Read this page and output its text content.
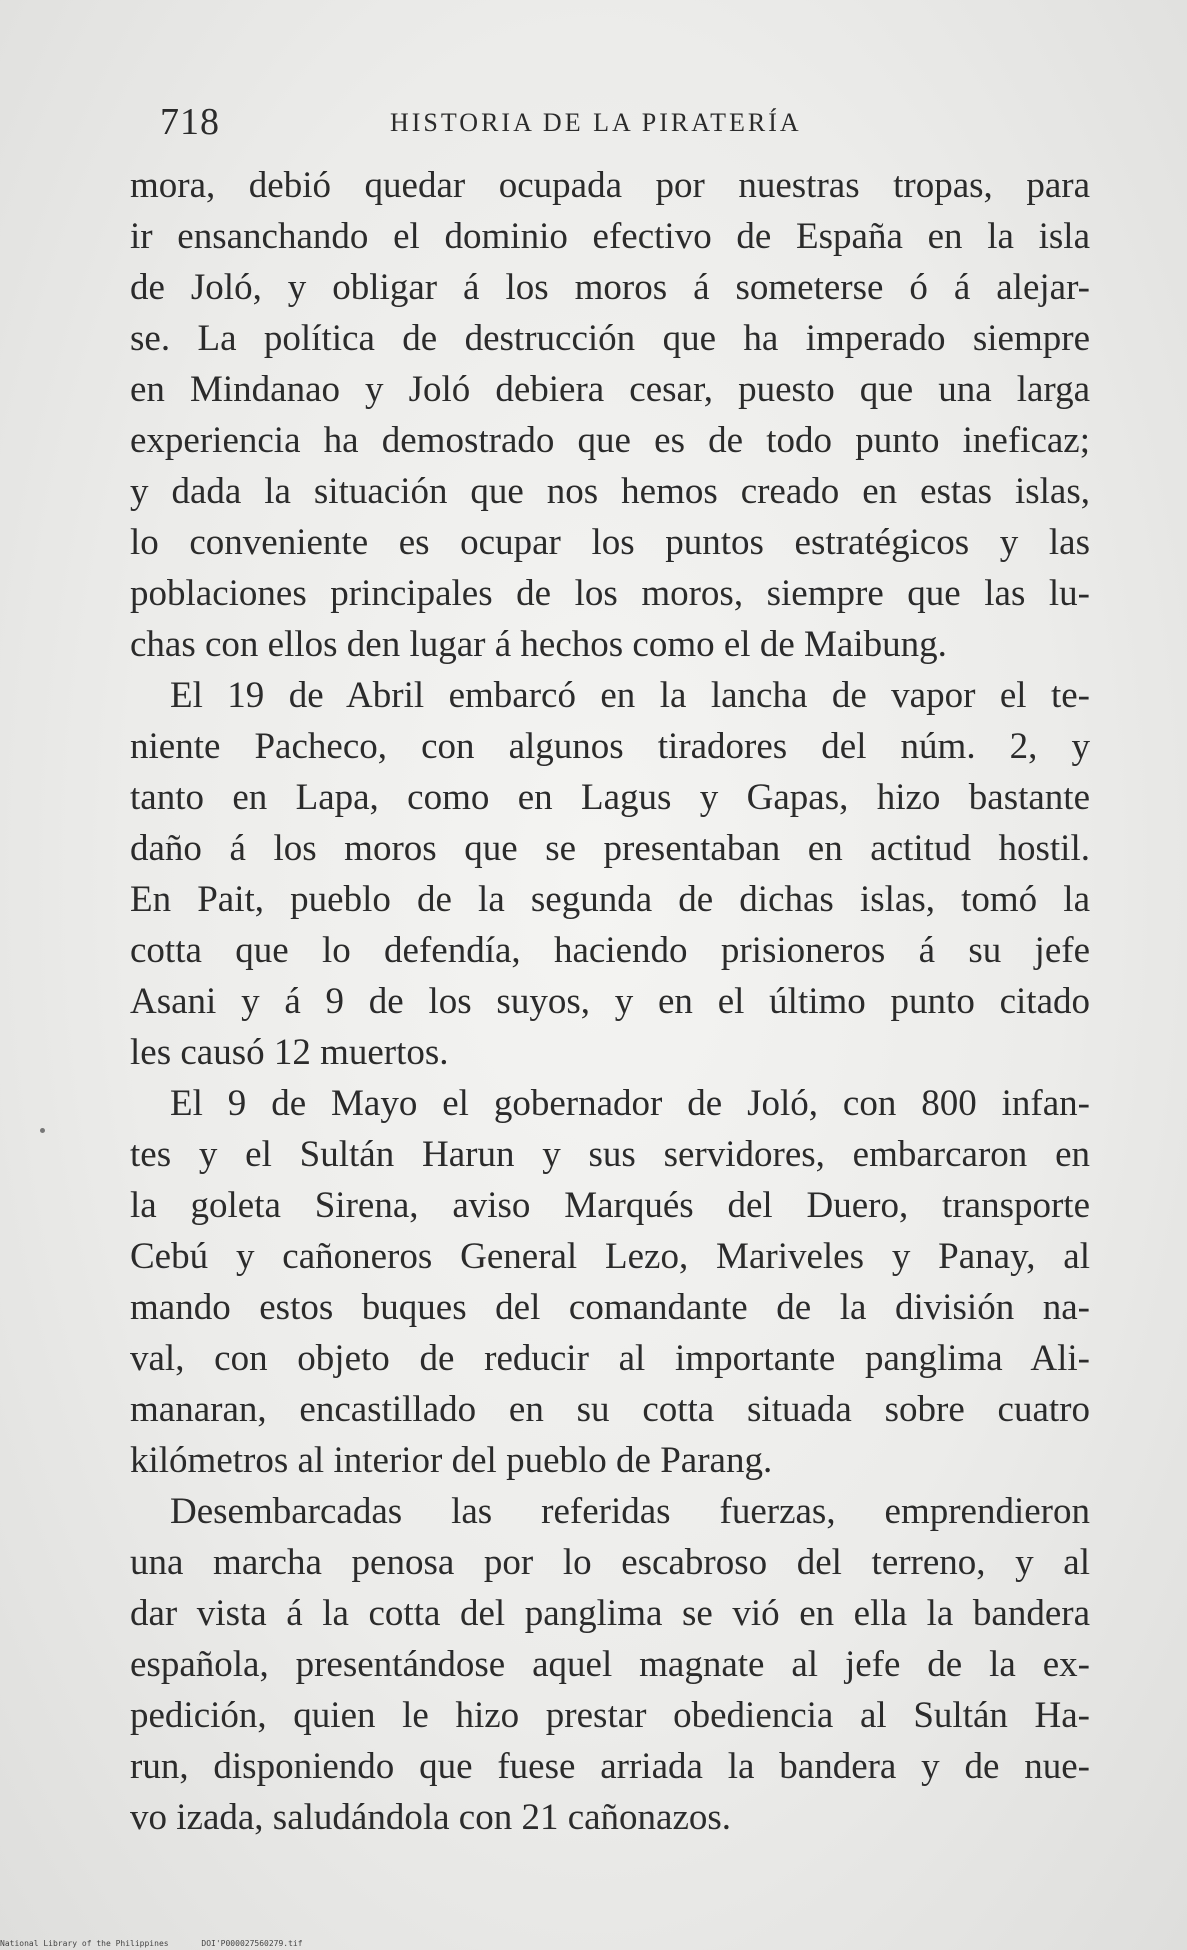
718	HISTORIA DE LA PIRATERÍA
mora, debió quedar ocupada por nuestras tropas, para
ir ensanchando el dominio efectivo de España en la isla
de Joló, y obligar á los moros á someterse ó á alejar-
se. La política de destrucción que ha imperado siempre
en Mindanao y Joló debiera cesar, puesto que una larga
experiencia ha demostrado que es de todo punto ineficaz;
y dada la situación que nos hemos creado en estas islas,
lo conveniente es ocupar los puntos estratégicos y las
poblaciones principales de los moros, siempre que las lu-
chas con ellos den lugar á hechos como el de Maibung.
El 19 de Abril embarcó en la lancha de vapor el te-
niente Pacheco, con algunos tiradores del núm. 2, y
tanto en Lapa, como en Lagus y Gapas, hizo bastante
daño á los moros que se presentaban en actitud hostil.
En Pait, pueblo de la segunda de dichas islas, tomó la
cotta que lo defendía, haciendo prisioneros á su jefe
Asani y á 9 de los suyos, y en el último punto citado
les causó 12 muertos.
El 9 de Mayo el gobernador de Joló, con 800 infan-
tes y el Sultán Harun y sus servidores, embarcaron en
la goleta Sirena, aviso Marqués del Duero, transporte
Cebú y cañoneros General Lezo, Mariveles y Panay, al
mando estos buques del comandante de la división na-
val, con objeto de reducir al importante panglima Ali-
manaran, encastillado en su cotta situada sobre cuatro
kilómetros al interior del pueblo de Parang.
Desembarcadas las referidas fuerzas, emprendieron
una marcha penosa por lo escabroso del terreno, y al
dar vista á la cotta del panglima se vió en ella la bandera
española, presentándose aquel magnate al jefe de la ex-
pedición, quien le hizo prestar obediencia al Sultán Ha-
run, disponiendo que fuese arriada la bandera y de nue-
vo izada, saludándola con 21 cañonazos.
National Library of the Philippines	DOI'P000027560279.tif
